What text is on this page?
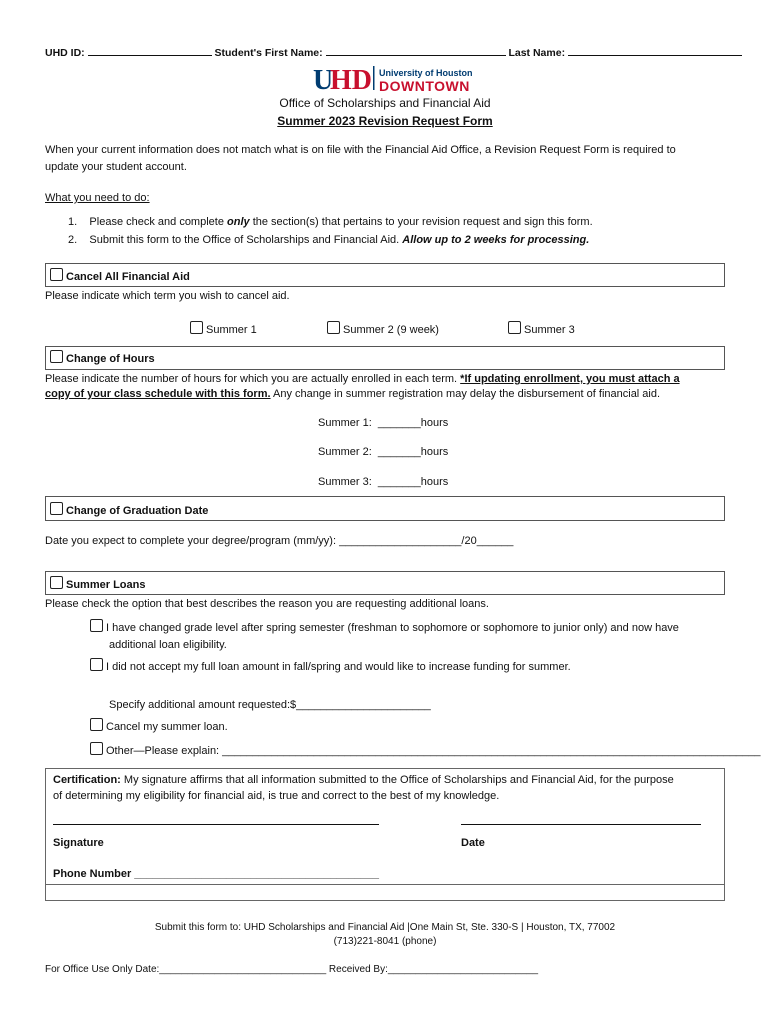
UHD ID:	Student's First Name:	Last Name:
U
HD University of Houston
DOWNTOWN
Office of Scholarships and Financial Aid
Summer 2023 Revision Request Form
When your current information does not match what is on file with the Financial Aid Office, a Revision Request Form is required to
update your student account.
What you need to do:
1. Please check and complete only the section(s) that pertains to your revision request and sign this form.
2. Submit this form to the Office of Scholarships and Financial Aid. Allow up to 2 weeks for processing.
Cancel All Financial Aid
Please indicate which term you wish to cancel aid.
Summer 1	Summer 2 (9 week)	Summer 3
Change of Hours
Please indicate the number of hours for which you are actually enrolled in each term. *If updating enrollment, you must attach a
copy of your class schedule with this form. Any change in summer registration may delay the disbursement of financial aid.
Summer 1: _______hours
Summer 2: _______hours
Summer 3: _______hours
Change of Graduation Date
Date you expect to complete your degree/program (mm/yy): ____________________/20______
Summer Loans
Please check the option that best describes the reason you are requesting additional loans.
I have changed grade level after spring semester (freshman to sophomore or sophomore to junior only) and now have
additional loan eligibility.
I did not accept my full loan amount in fall/spring and would like to increase funding for summer.
Specify additional amount requested:$______________________
Cancel my summer loan.
Other—Please explain: ________________________________________________________________________________________
Certification: My signature affirms that all information submitted to the Office of Scholarships and Financial Aid, for the purpose
of determining my eligibility for financial aid, is true and correct to the best of my knowledge.
Signature	Date
Phone Number ________________________________________
Submit this form to: UHD Scholarships and Financial Aid |One Main St, Ste. 330-S | Houston, TX, 77002
(713)221-8041 (phone)
For Office Use Only Date:______________________________ Received By:___________________________
